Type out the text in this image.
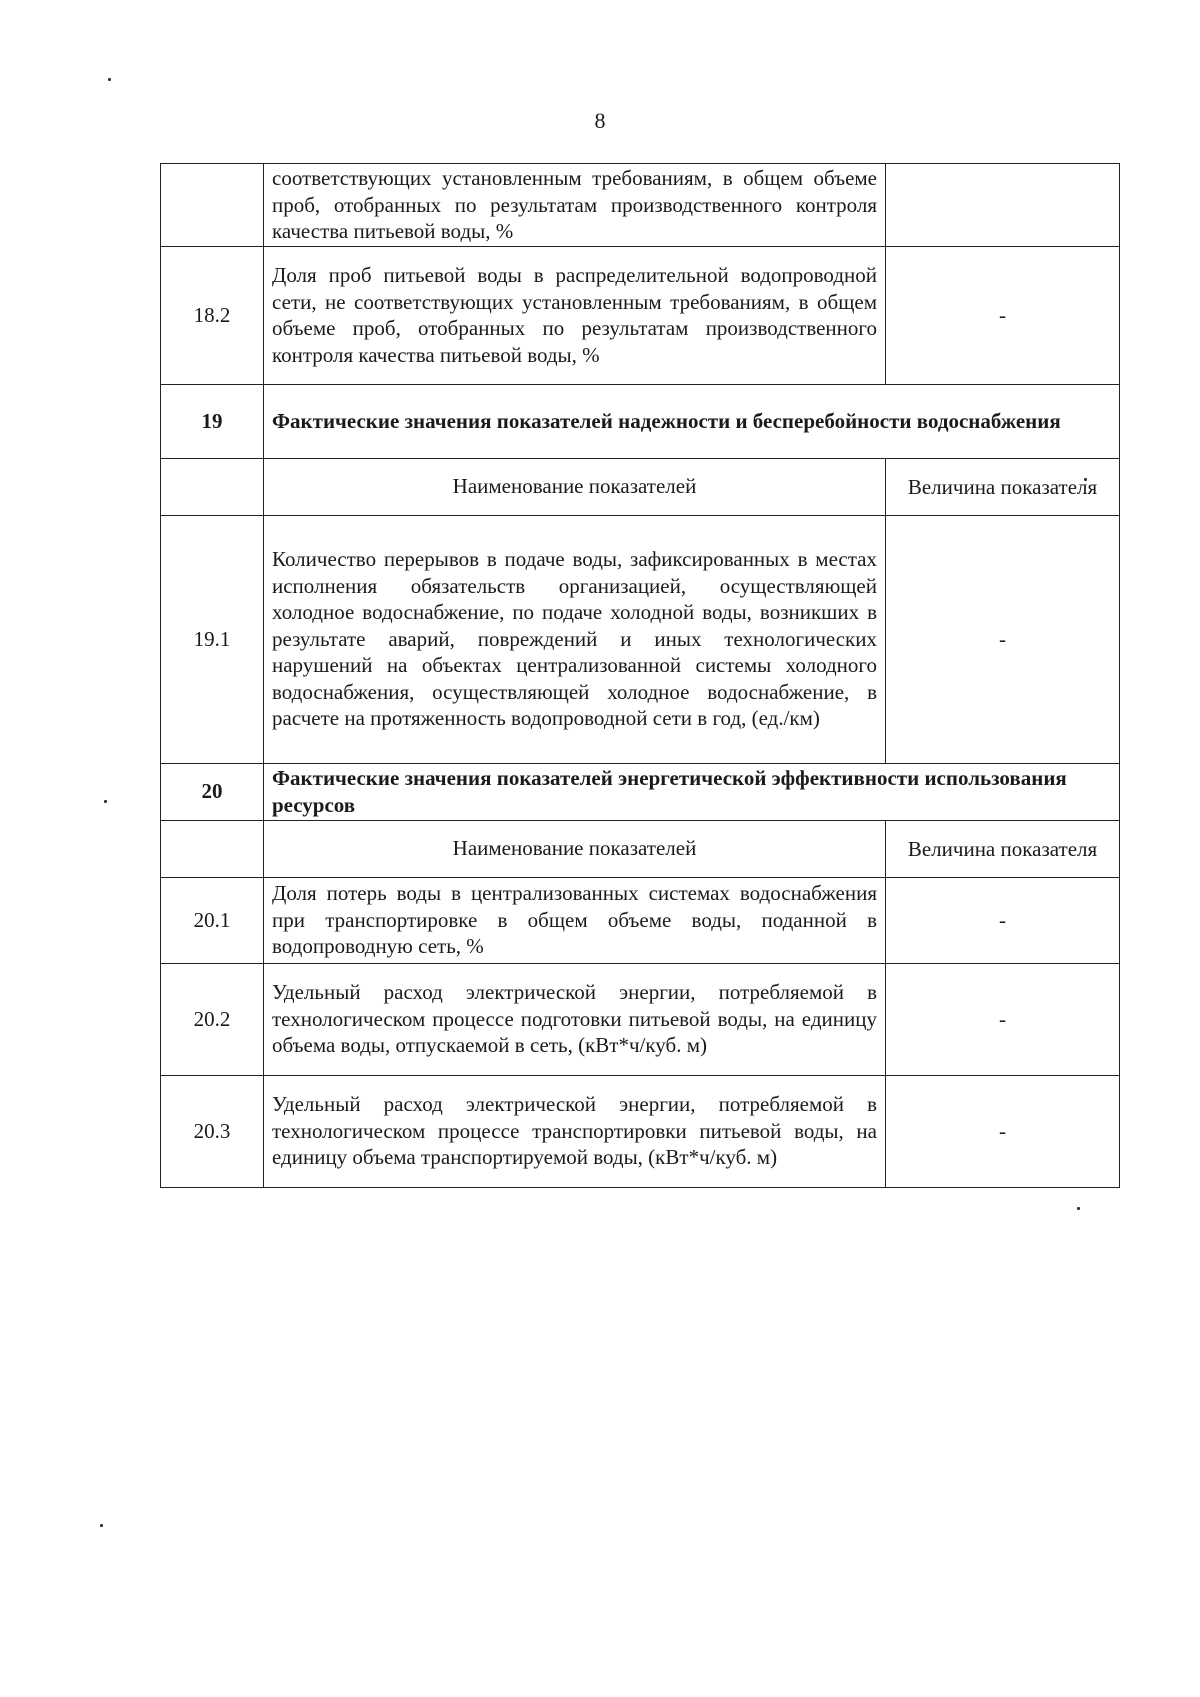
8
	соответствующих установленным требованиям, в общем объеме проб, отобранных по результатам производственного контроля качества питьевой воды, %	
18.2	Доля проб питьевой воды в распределительной водопроводной сети, не соответствующих установленным требованиям, в общем объеме проб, отобранных по результатам производственного контроля качества питьевой воды, %	-
19	Фактические значения показателей надежности и бесперебойности водоснабжения	
	Наименование показателей	Величина показателя
19.1	Количество перерывов в подаче воды, зафиксированных в местах исполнения обязательств организацией, осуществляющей холодное водоснабжение, по подаче холодной воды, возникших в результате аварий, повреждений и иных технологических нарушений на объектах централизованной системы холодного водоснабжения, осуществляющей холодное водоснабжение, в расчете на протяженность водопроводной сети в год, (ед./км)	-
20	Фактические значения показателей энергетической эффективности использования ресурсов	
	Наименование показателей	Величина показателя
20.1	Доля потерь воды в централизованных системах водоснабжения при транспортировке в общем объеме воды, поданной в водопроводную сеть, %	-
20.2	Удельный расход электрической энергии, потребляемой в технологическом процессе подготовки питьевой воды, на единицу объема воды, отпускаемой в сеть, (кВт*ч/куб. м)	-
20.3	Удельный расход электрической энергии, потребляемой в технологическом процессе транспортировки питьевой воды, на единицу объема транспортируемой воды, (кВт*ч/куб. м)	-
